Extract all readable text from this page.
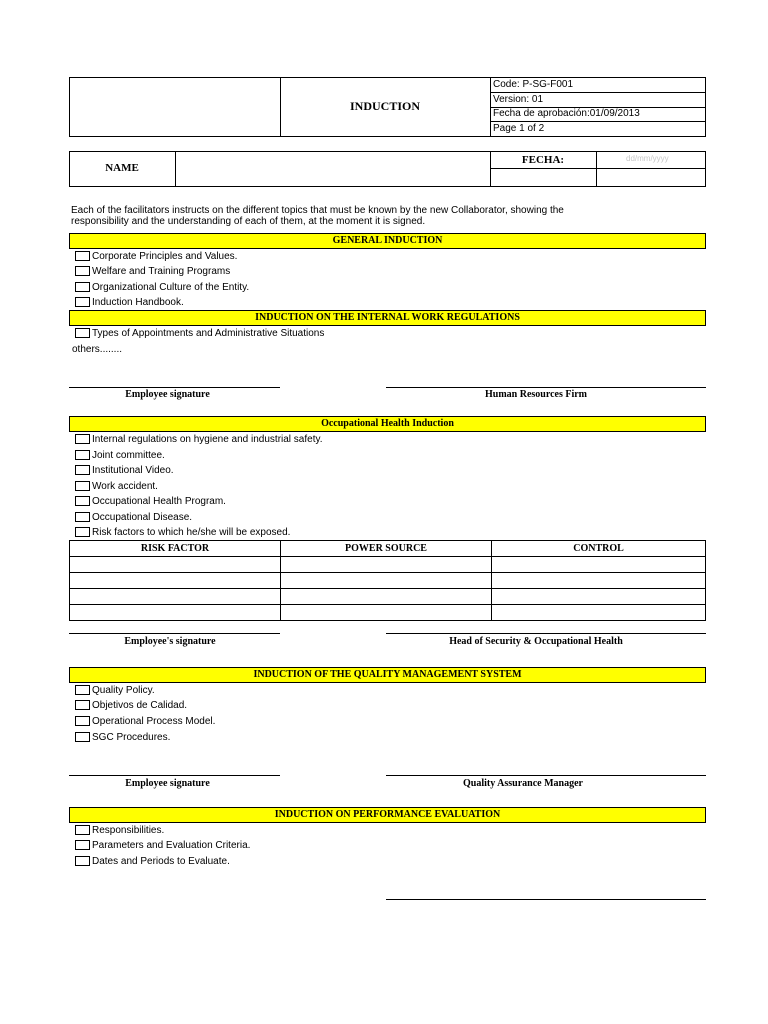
INDUCTION
Code: P-SG-F001
Version: 01
Fecha de aprobación:01/09/2013
Page 1 of 2
NAME
FECHA:	dd/mm/yyyy
Each of the facilitators instructs on the different topics that must be known by the new Collaborator, showing the responsibility and the understanding of each of them, at the moment it is signed.
GENERAL INDUCTION
Corporate Principles and Values.
Welfare and Training Programs
Organizational Culture of the Entity.
Induction Handbook.
INDUCTION ON THE INTERNAL WORK REGULATIONS
Types of Appointments and Administrative Situations
others........
Employee signature	Human Resources Firm
Occupational Health Induction
Internal regulations on hygiene and industrial safety.
Joint committee.
Institutional Video.
Work accident.
Occupational Health Program.
Occupational Disease.
Risk factors to which he/she will be exposed.
RISK FACTOR	POWER SOURCE	CONTROL

Employee's signature	Head of Security & Occupational Health
INDUCTION OF THE QUALITY MANAGEMENT SYSTEM
Quality Policy.
Objetivos de Calidad.
Operational Process Model.
SGC Procedures.
Employee signature	Quality Assurance Manager
INDUCTION ON PERFORMANCE EVALUATION
Responsibilities.
Parameters and Evaluation Criteria.
Dates and Periods to Evaluate.
